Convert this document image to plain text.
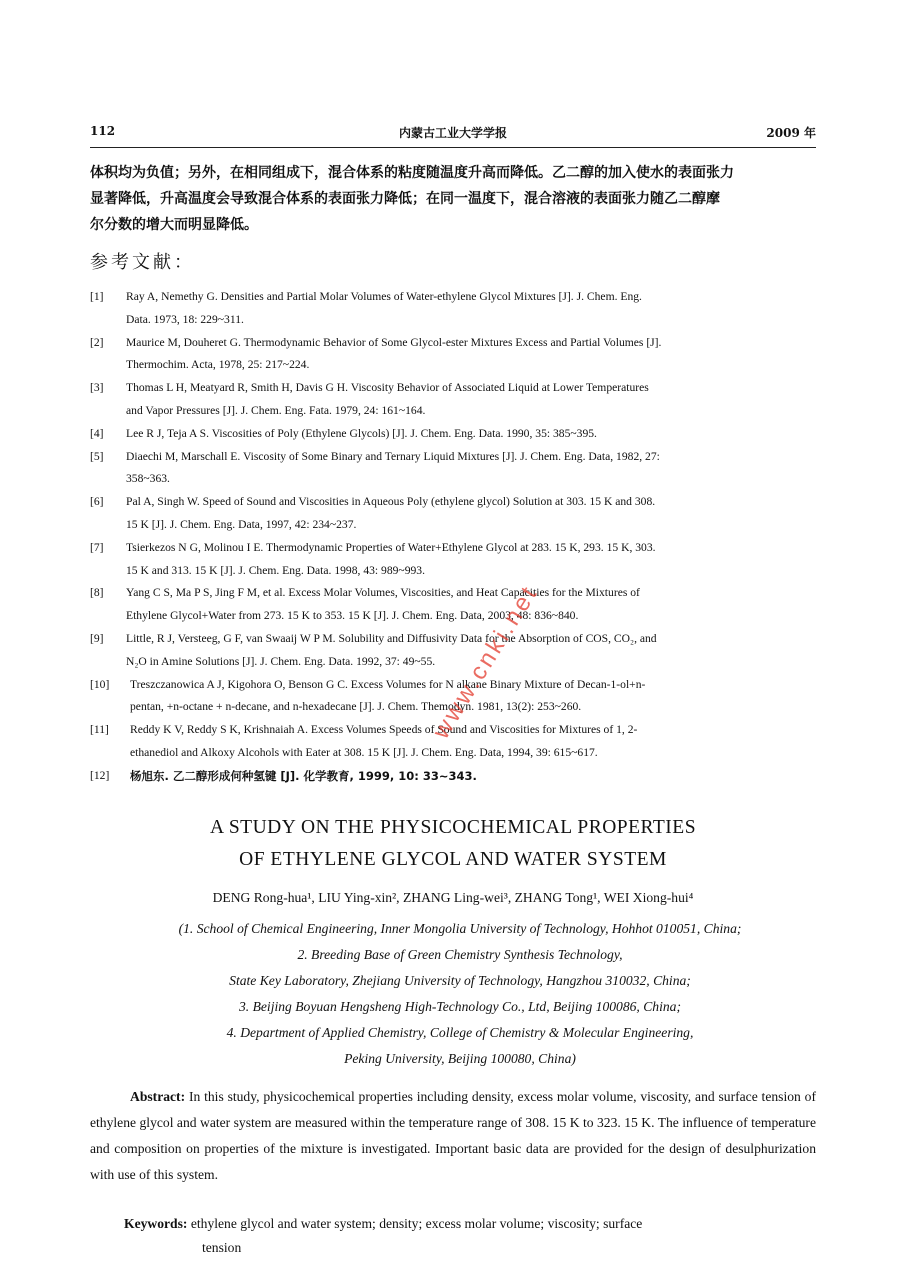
112	内蒙古工业大学学报	2009 年
体积均为负值；另外，在相同组成下，混合体系的粘度随温度升高而降低。乙二醇的加入使水的表面张力
显著降低，升高温度会导致混合体系的表面张力降低；在同一温度下，混合溶液的表面张力随乙二醇摩
尔分数的增大而明显降低。
参考文献：
[1]	Ray A, Nemethy G. Densities and Partial Molar Volumes of Water-ethylene Glycol Mixtures [J]. J. Chem. Eng.
Data. 1973, 18: 229~311.
[2]	Maurice M, Douheret G. Thermodynamic Behavior of Some Glycol-ester Mixtures Excess and Partial Volumes [J].
Thermochim. Acta, 1978, 25: 217~224.
[3]	Thomas L H, Meatyard R, Smith H, Davis G H. Viscosity Behavior of Associated Liquid at Lower Temperatures
and Vapor Pressures [J]. J. Chem. Eng. Fata. 1979, 24: 161~164.
[4]	Lee R J, Teja A S. Viscosities of Poly (Ethylene Glycols) [J]. J. Chem. Eng. Data. 1990, 35: 385~395.
[5]	Diaechi M, Marschall E. Viscosity of Some Binary and Ternary Liquid Mixtures [J]. J. Chem. Eng. Data, 1982, 27:
358~363.
[6]	Pal A, Singh W. Speed of Sound and Viscosities in Aqueous Poly (ethylene glycol) Solution at 303. 15 K and 308.
15 K [J]. J. Chem. Eng. Data, 1997, 42: 234~237.
[7]	Tsierkezos N G, Molinou I E. Thermodynamic Properties of Water+Ethylene Glycol at 283. 15 K, 293. 15 K, 303.
15 K and 313. 15 K [J]. J. Chem. Eng. Data. 1998, 43: 989~993.
[8]	Yang C S, Ma P S, Jing F M, et al. Excess Molar Volumes, Viscosities, and Heat Capacities for the Mixtures of
Ethylene Glycol+Water from 273. 15 K to 353. 15 K [J]. J. Chem. Eng. Data, 2003, 48: 836~840.
[9]	Little, R J, Versteeg, G F, van Swaaij W P M. Solubility and Diffusivity Data for the Absorption of COS, CO₂, and
N₂O in Amine Solutions [J]. J. Chem. Eng. Data. 1992, 37: 49~55.
[10]	Treszczanowica A J, Kigohora O, Benson G C. Excess Volumes for N alkane Binary Mixture of Decan-1-ol+n-
pentan, +n-octane + n-decane, and n-hexadecane [J]. J. Chem. Themodyn. 1981, 13(2): 253~260.
[11]	Reddy K V, Reddy S K, Krishnaiah A. Excess Volumes Speeds of Sound and Viscosities for Mixtures of 1, 2-
ethanediol and Alkoxy Alcohols with Eater at 308. 15 K [J]. J. Chem. Eng. Data, 1994, 39: 615~617.
[12]	杨旭东. 乙二醇形成何种氢键 [J]. 化学教育, 1999, 10: 33~343.
A STUDY ON THE PHYSICOCHEMICAL PROPERTIES
OF ETHYLENE GLYCOL AND WATER SYSTEM
DENG Rong-hua¹, LIU Ying-xin², ZHANG Ling-wei³, ZHANG Tong¹, WEI Xiong-hui⁴
(1. School of Chemical Engineering, Inner Mongolia University of Technology, Hohhot 010051, China;
2. Breeding Base of Green Chemistry Synthesis Technology,
State Key Laboratory, Zhejiang University of Technology, Hangzhou 310032, China;
3. Beijing Boyuan Hengsheng High-Technology Co., Ltd, Beijing 100086, China;
4. Department of Applied Chemistry, College of Chemistry & Molecular Engineering,
Peking University, Beijing 100080, China)
Abstract: In this study, physicochemical properties including density, excess molar volume, viscosity, and surface tension of ethylene glycol and water system are measured within the temperature range of 308. 15 K to 323. 15 K. The influence of temperature and composition on properties of the mixture is investigated. Important basic data are provided for the design of desulphurization with use of this system.
Keywords: ethylene glycol and water system; density; excess molar volume; viscosity; surface
tension
www.cnki.net
